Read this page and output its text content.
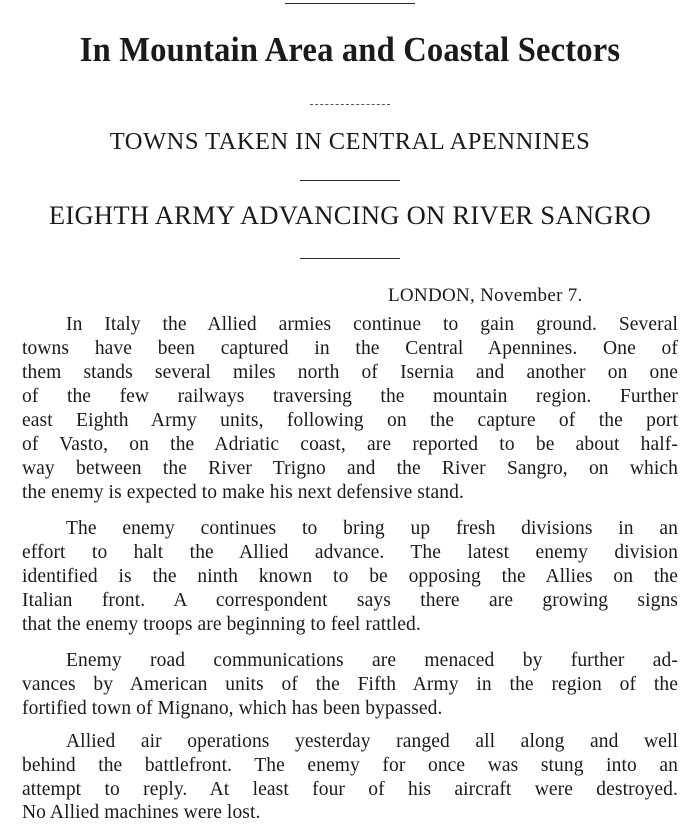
In Mountain Area and Coastal Sectors
TOWNS TAKEN IN CENTRAL APENNINES
EIGHTH ARMY ADVANCING ON RIVER SANGRO
LONDON, November 7.
In Italy the Allied armies continue to gain ground. Several
towns have been captured in the Central Apennines. One of
them stands several miles north of Isernia and another on one
of the few railways traversing the mountain region. Further
east Eighth Army units, following on the capture of the port
of Vasto, on the Adriatic coast, are reported to be about half-
way between the River Trigno and the River Sangro, on which
the enemy is expected to make his next defensive stand.
The enemy continues to bring up fresh divisions in an
effort to halt the Allied advance. The latest enemy division
identified is the ninth known to be opposing the Allies on the
Italian front. A correspondent says there are growing signs
that the enemy troops are beginning to feel rattled.
Enemy road communications are menaced by further ad-
vances by American units of the Fifth Army in the region of the
fortified town of Mignano, which has been bypassed.
Allied air operations yesterday ranged all along and well
behind the battlefront. The enemy for once was stung into an
attempt to reply. At least four of his aircraft were destroyed.
No Allied machines were lost.
